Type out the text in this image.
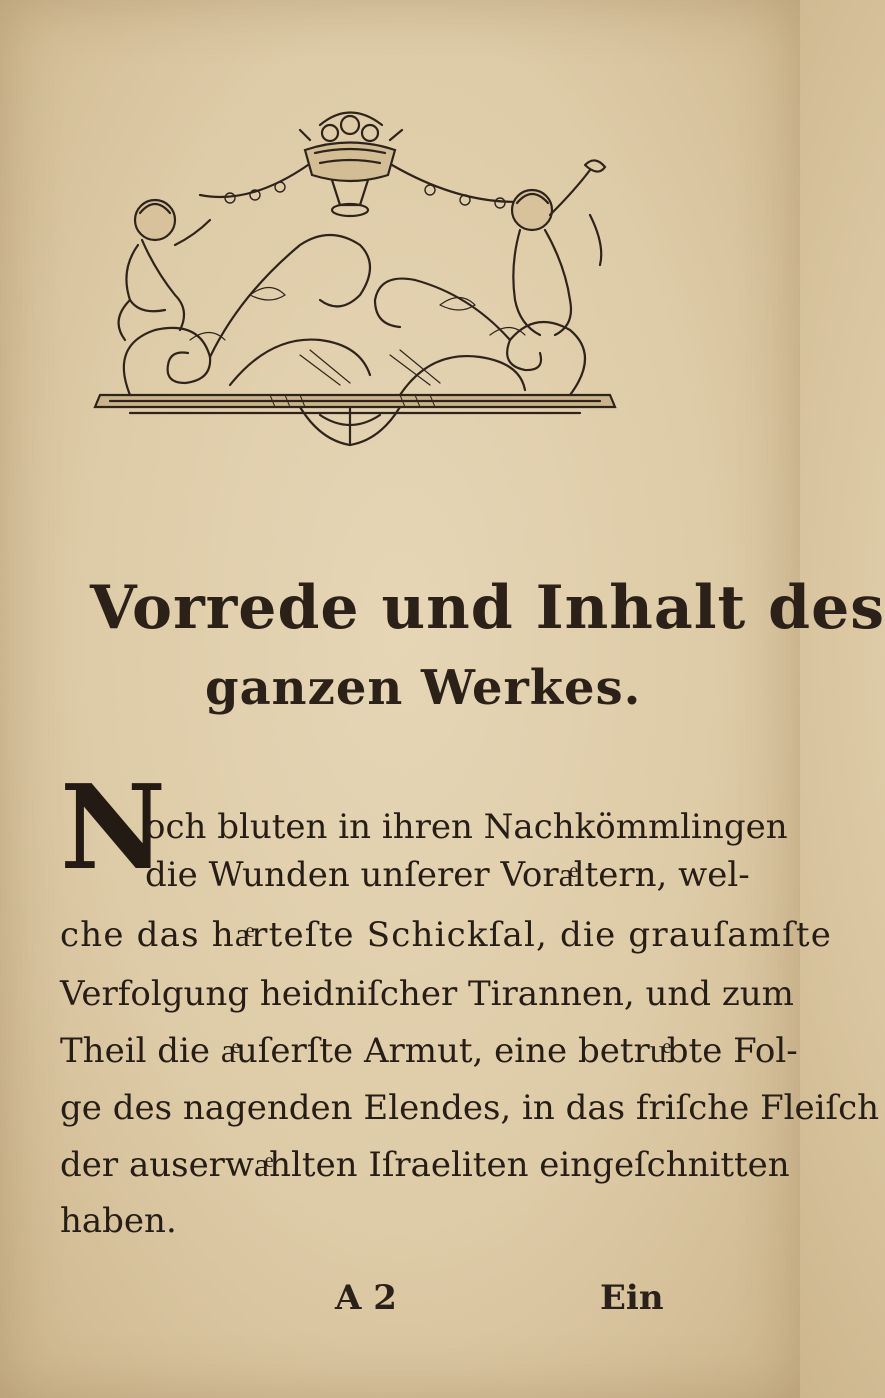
Vorrede und Inhalt des
ganzen Werkes.
N
och bluten in ihren Nachkömmlingen
die Wunden unſerer Voraͤltern, wel-
che das haͤrteſte Schickſal, die grauſamſte
Verfolgung heidniſcher Tirannen, und zum
Theil die aͤuſerſte Armut, eine betruͤbte Fol-
ge des nagenden Elendes, in das friſche Fleiſch
der auserwaͤhlten Iſraeliten eingeſchnitten
haben.
A 2	Ein
